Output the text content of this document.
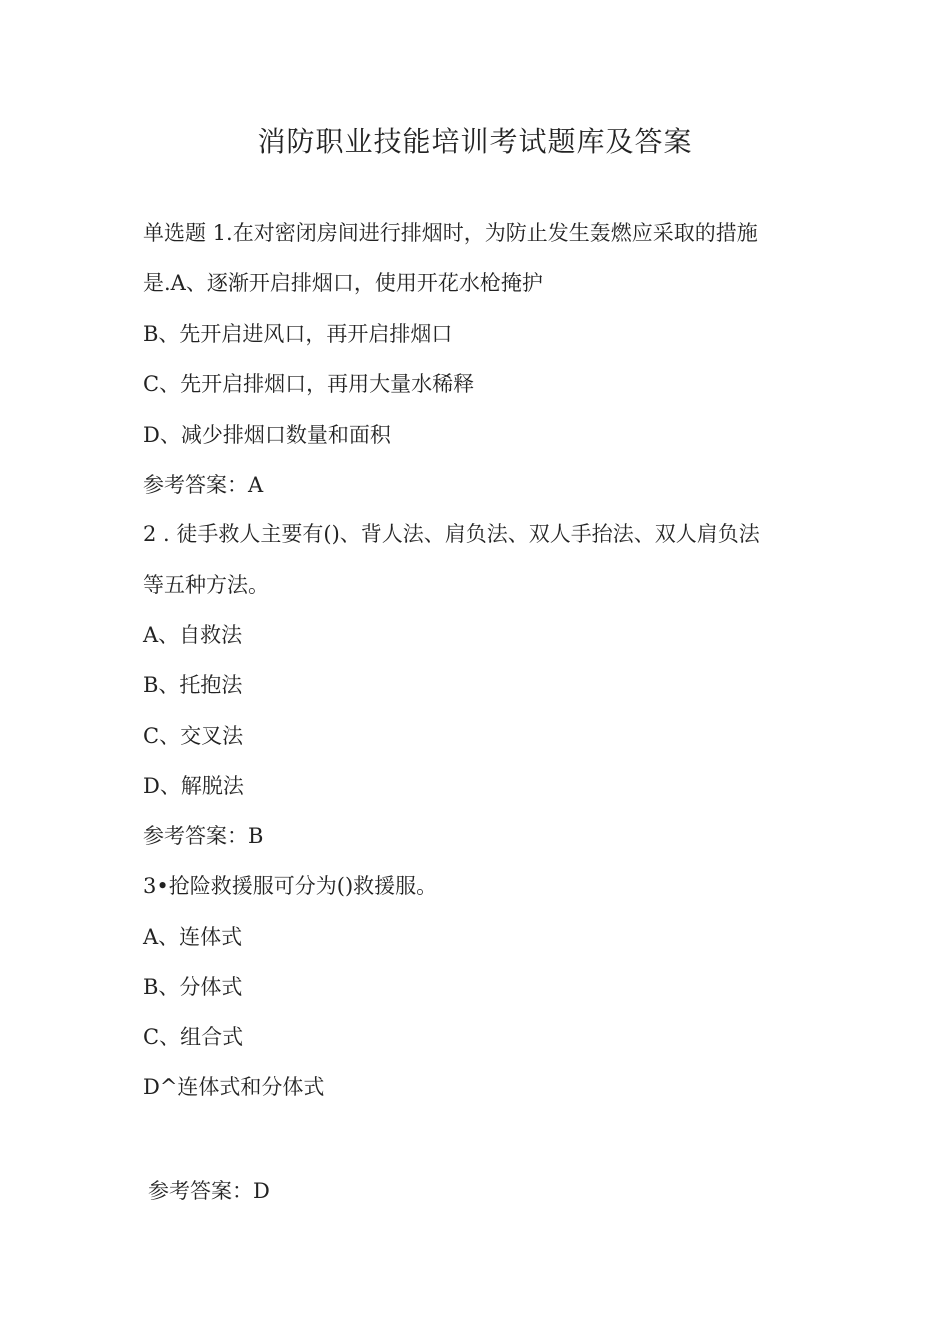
消防职业技能培训考试题库及答案
单选题 1.在对密闭房间进行排烟时，为防止发生轰燃应采取的措施
是.A、逐渐开启排烟口，使用开花水枪掩护
B、先开启进风口，再开启排烟口
C、先开启排烟口，再用大量水稀释
D、减少排烟口数量和面积
参考答案：A
2 . 徒手救人主要有()、背人法、肩负法、双人手抬法、双人肩负法
等五种方法。
A、自救法
B、托抱法
C、交叉法
D、解脱法
参考答案：B
3•抢险救援服可分为()救援服。
A、连体式
B、分体式
C、组合式
D^连体式和分体式
参考答案：D
